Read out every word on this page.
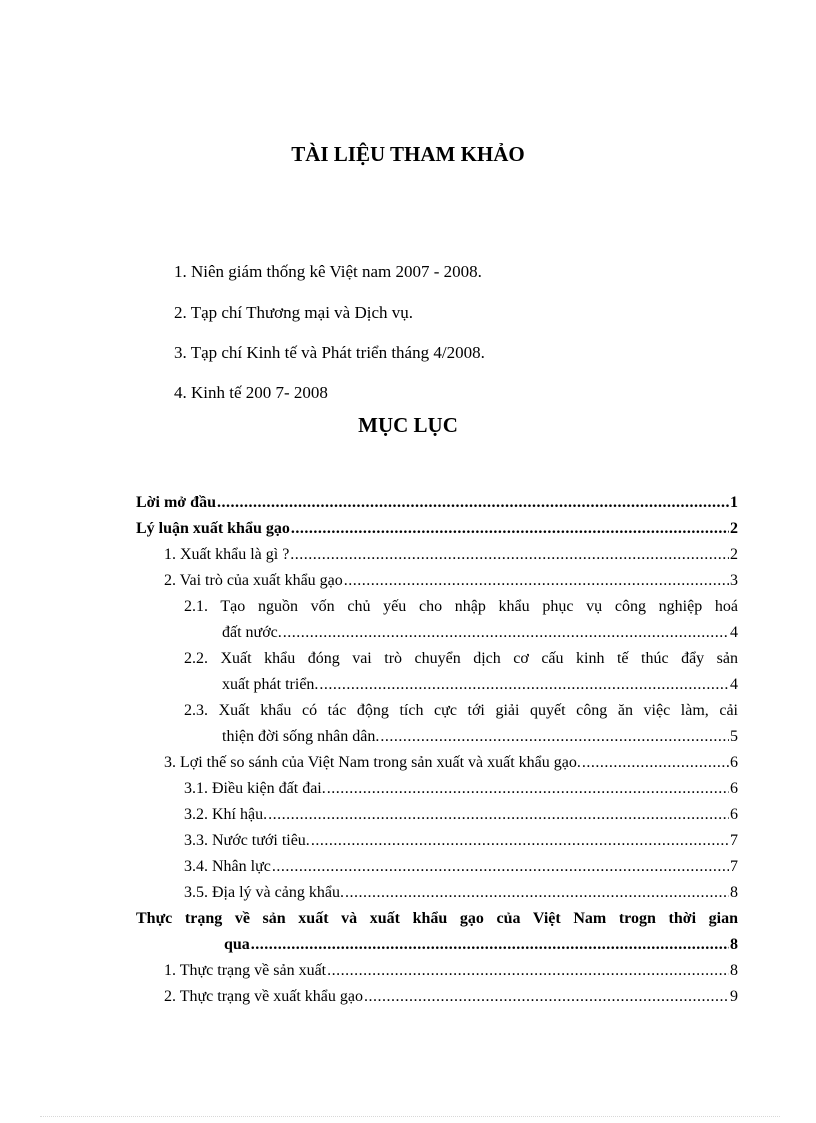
TÀI LIỆU THAM KHẢO
1. Niên giám thống kê Việt nam 2007 - 2008.
2. Tạp chí Thương mại và Dịch vụ.
3. Tạp chí Kinh tế và Phát triển tháng 4/2008.
4. Kinh tế 200 7- 2008
MỤC LỤC
Lời mở đầu .....	1
Lý luận xuất khẩu gạo .....	2
1. Xuất khẩu là gì ? .....	2
2. Vai trò của xuất khẩu gạo .....	3
2.1. Tạo nguồn vốn chủ yếu cho nhập khẩu phục vụ công nghiệp hoá
đất nước. .....	4
2.2. Xuất khẩu đóng vai trò chuyển dịch cơ cấu kinh tế thúc đẩy sản
xuất phát triển. .....	4
2.3. Xuất khẩu có tác động tích cực tới giải quyết công ăn việc làm, cải
thiện đời sống nhân dân. .....	5
3. Lợi thế so sánh của Việt Nam trong sản xuất và xuất khẩu gạo. .....	6
3.1. Điều kiện đất đai. .....	6
3.2. Khí hậu. .....	6
3.3. Nước tưới tiêu. .....	7
3.4. Nhân lực .....	7
3.5. Địa lý và cảng khẩu. .....	8
Thực trạng về sản xuất và xuất khẩu gạo của Việt Nam trogn thời gian
qua .....	8
1. Thực trạng về sản xuất .....	8
2. Thực trạng về xuất khẩu gạo .....	9
